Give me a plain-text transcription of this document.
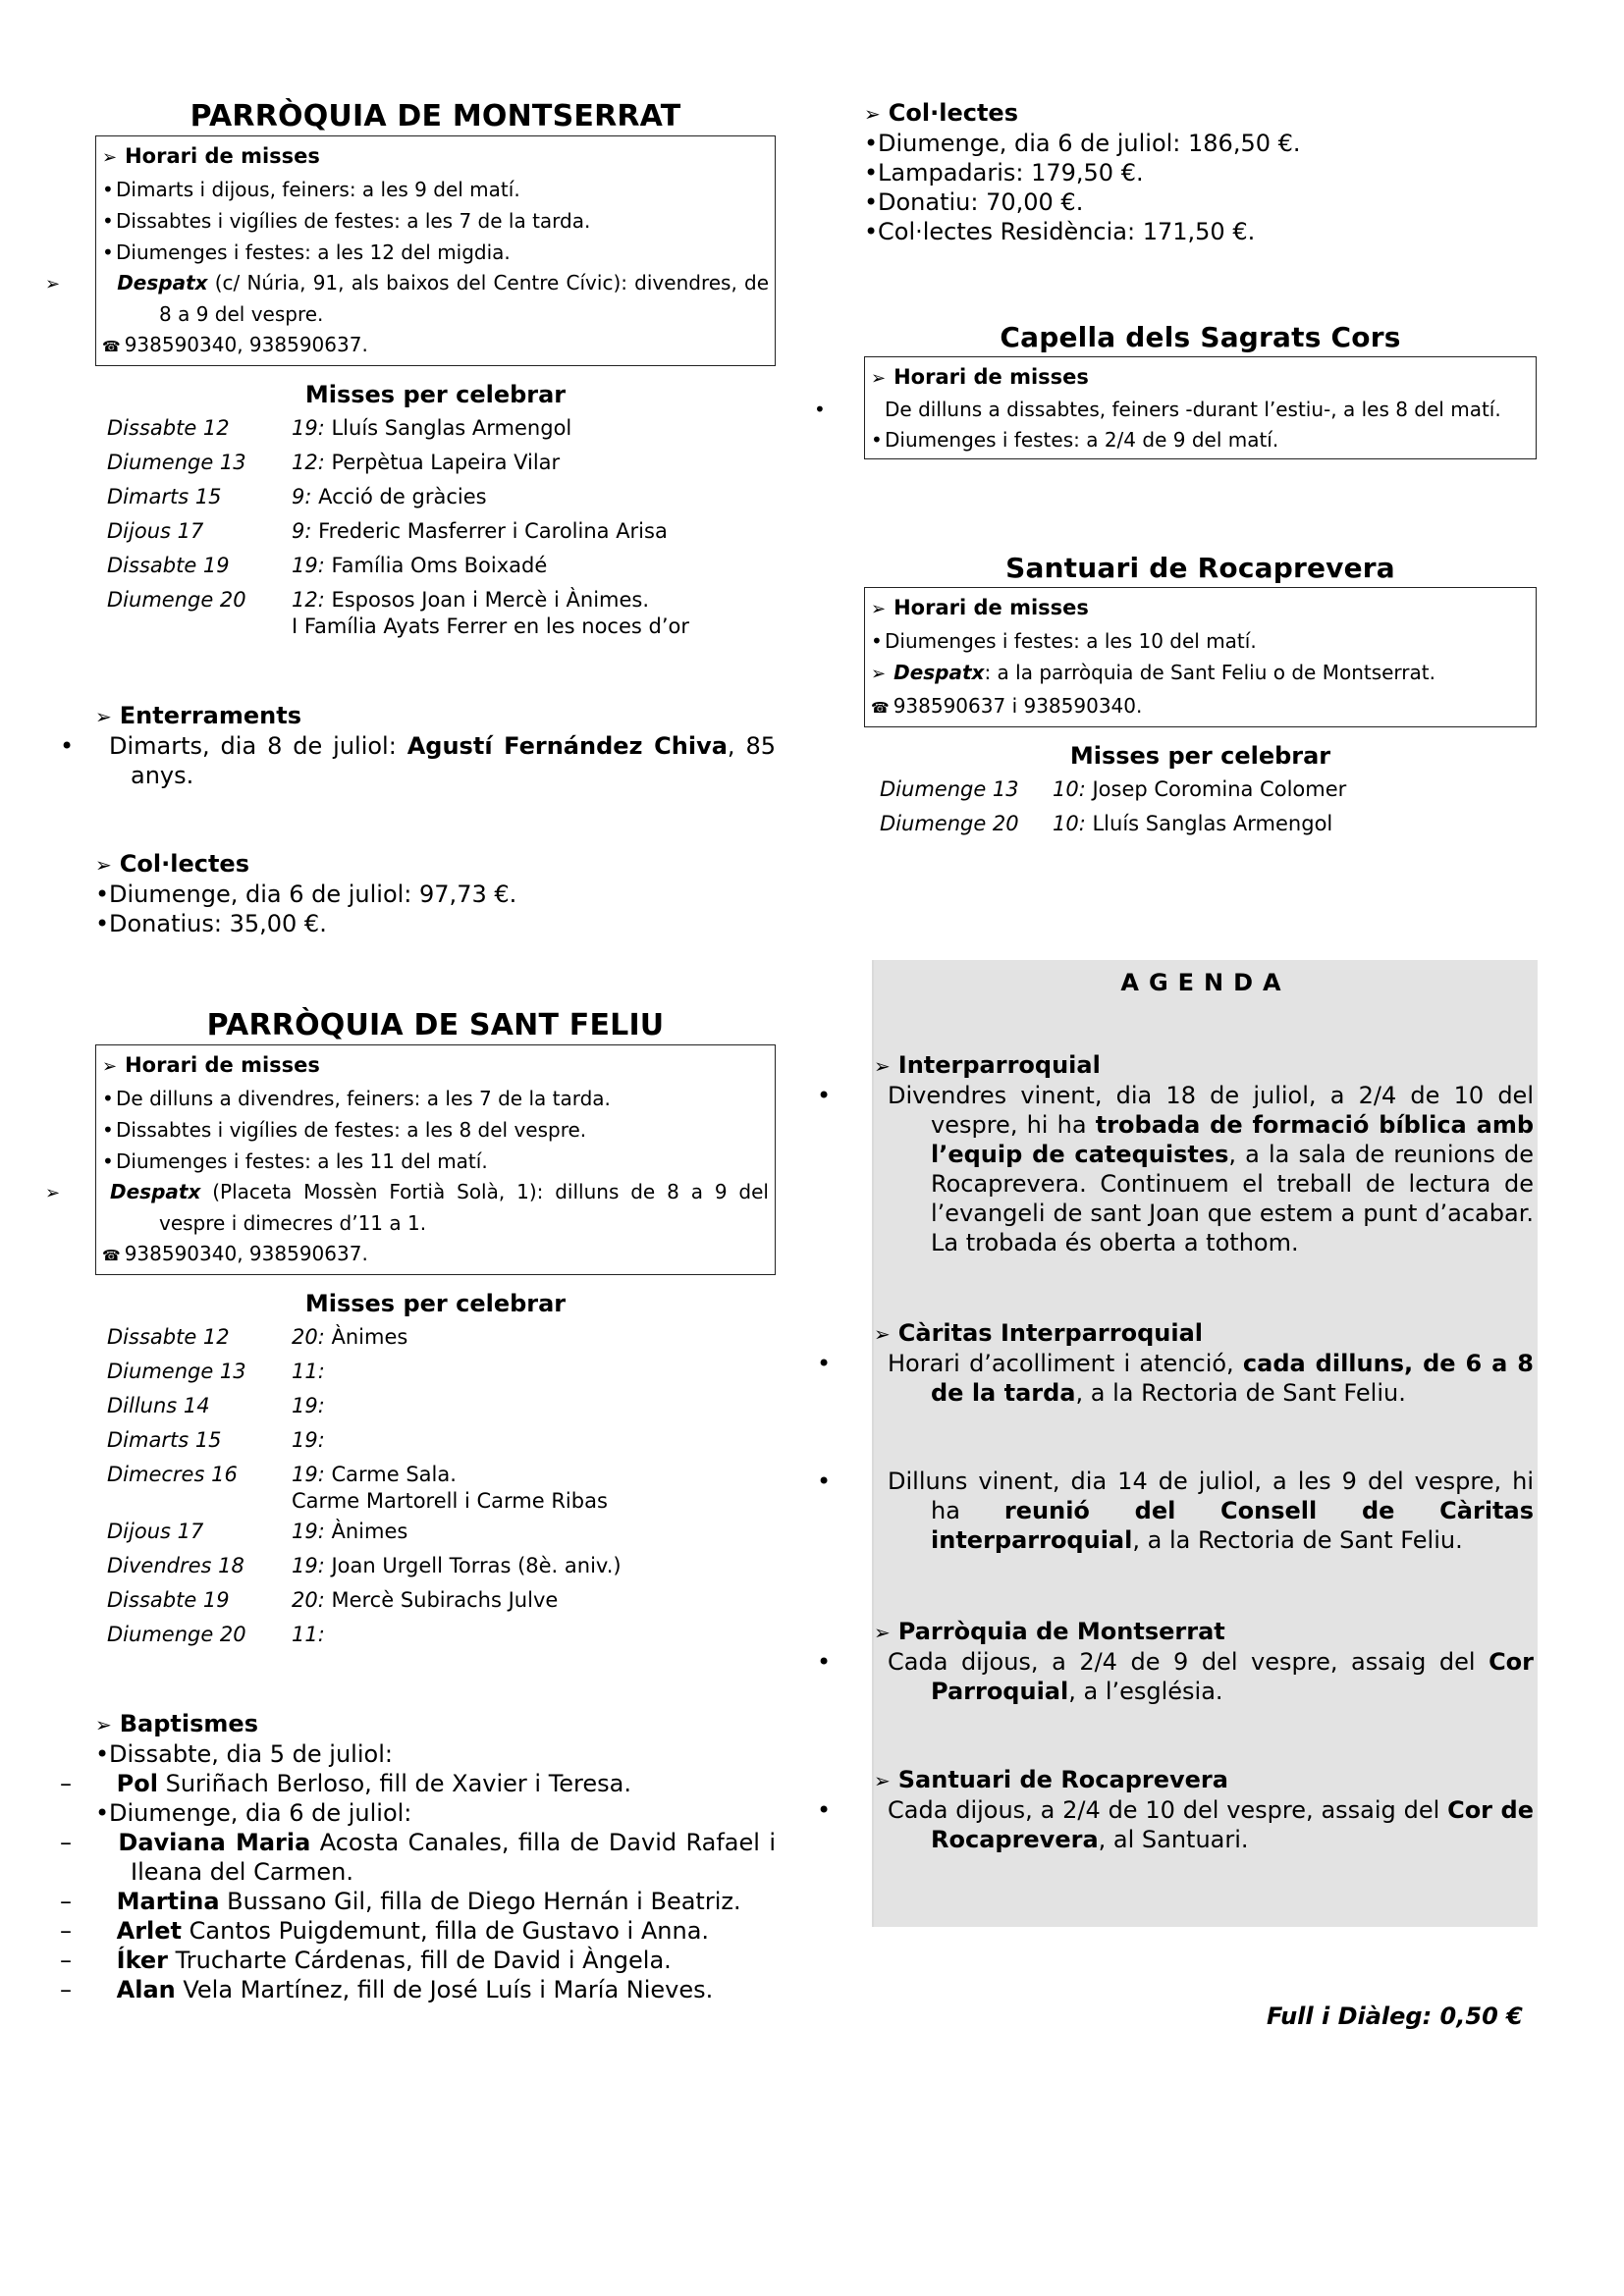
PARRÒQUIA DE MONTSERRAT
➢ Horari de misses
• Dimarts i dijous, feiners: a les 9 del matí.
• Dissabtes i vigílies de festes: a les 7 de la tarda.
• Diumenges i festes: a les 12 del migdia.
➢	Despatx (c/ Núria, 91, als baixos del Centre Cívic): divendres, de 8 a 9 del vespre.
☎ 938590340, 938590637.
Misses per celebrar
Dissabte 12	19: Lluís Sanglas Armengol
Diumenge 13	12: Perpètua Lapeira Vilar
Dimarts 15	9: Acció de gràcies
Dijous 17	9: Frederic Masferrer i Carolina Arisa
Dissabte 19	19: Família Oms Boixadé
Diumenge 20	12: Esposos Joan i Mercè i Ànimes.
I Família Ayats Ferrer en les noces d’or
➢ Enterraments
• Dimarts, dia 8 de juliol: Agustí Fernández Chiva, 85 anys.
➢ Col·lectes
•Diumenge, dia 6 de juliol: 97,73 €.
•Donatius: 35,00 €.
PARRÒQUIA DE SANT FELIU
➢ Horari de misses
• De dilluns a divendres, feiners: a les 7 de la tarda.
• Dissabtes i vigílies de festes: a les 8 del vespre.
• Diumenges i festes: a les 11 del matí.
➢	Despatx (Placeta Mossèn Fortià Solà, 1): dilluns de 8 a 9 del vespre i dimecres d’11 a 1.
☎ 938590340, 938590637.
Misses per celebrar
Dissabte 12	20: Ànimes
Diumenge 13	11:
Dilluns 14	19:
Dimarts 15	19:
Dimecres 16	19: Carme Sala.
Carme Martorell i Carme Ribas
Dijous 17	19: Ànimes
Divendres 18	19: Joan Urgell Torras (8è. aniv.)
Dissabte 19	20: Mercè Subirachs Julve
Diumenge 20	11:
➢ Baptismes
•Dissabte, dia 5 de juliol:
– Pol Suriñach Berloso, fill de Xavier i Teresa.
•Diumenge, dia 6 de juliol:
– Daviana Maria Acosta Canales, filla de David Rafael i Ileana del Carmen.
– Martina Bussano Gil, filla de Diego Hernán i Beatriz.
– Arlet Cantos Puigdemunt, filla de Gustavo i Anna.
– Íker Trucharte Cárdenas, fill de David i Àngela.
– Alan Vela Martínez, fill de José Luís i María Nieves.
➢ Col·lectes
•Diumenge, dia 6 de juliol: 186,50 €.
•Lampadaris: 179,50 €.
•Donatiu: 70,00 €.
•Col·lectes Residència: 171,50 €.
Capella dels Sagrats Cors
➢ Horari de misses
•	De dilluns a dissabtes, feiners -durant l’estiu-, a les 8 del matí.
• Diumenges i festes: a 2/4 de 9 del matí.
Santuari de Rocaprevera
➢ Horari de misses
• Diumenges i festes: a les 10 del matí.
➢ Despatx: a la parròquia de Sant Feliu o de Montserrat.
☎ 938590637 i 938590340.
Misses per celebrar
Diumenge 13	10: Josep Coromina Colomer
Diumenge 20	10: Lluís Sanglas Armengol
AGENDA
➢ Interparroquial
• Divendres vinent, dia 18 de juliol, a 2/4 de 10 del vespre, hi ha trobada de formació bíblica amb l’equip de catequistes, a la sala de reunions de Rocaprevera. Continuem el treball de lectura de l’evangeli de sant Joan que estem a punt d’acabar. La trobada és oberta a tothom.
➢ Càritas Interparroquial
• Horari d’acolliment i atenció, cada dilluns, de 6 a 8 de la tarda, a la Rectoria de Sant Feliu.
• Dilluns vinent, dia 14 de juliol, a les 9 del vespre, hi ha reunió del Consell de Càritas interparroquial, a la Rectoria de Sant Feliu.
➢ Parròquia de Montserrat
• Cada dijous, a 2/4 de 9 del vespre, assaig del Cor Parroquial, a l’església.
➢ Santuari de Rocaprevera
• Cada dijous, a 2/4 de 10 del vespre, assaig del Cor de Rocaprevera, al Santuari.
Full i Diàleg: 0,50 €
